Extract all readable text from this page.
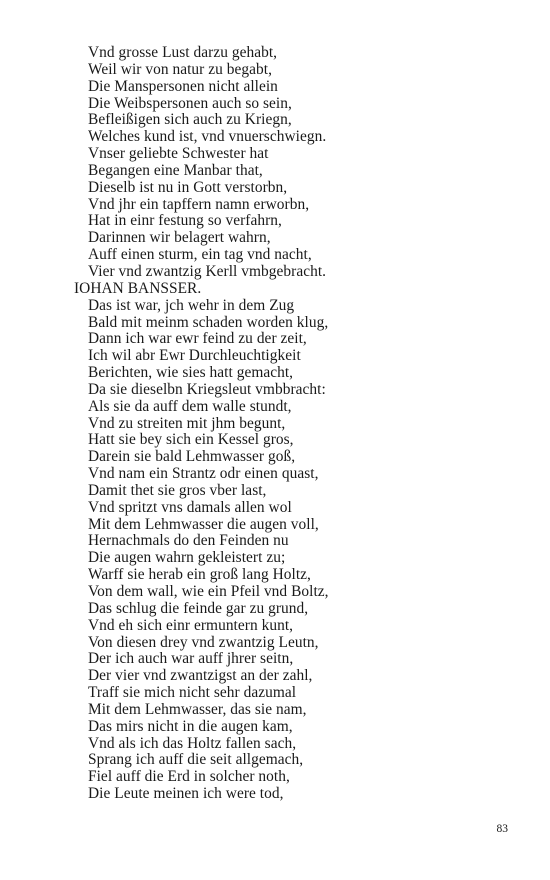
Vnd grosse Lust darzu gehabt,
Weil wir von natur zu begabt,
Die Manspersonen nicht allein
Die Weibspersonen auch so sein,
Befleißigen sich auch zu Kriegn,
Welches kund ist, vnd vnuerschwiegn.
Vnser geliebte Schwester hat
Begangen eine Manbar that,
Dieselb ist nu in Gott verstorbn,
Vnd jhr ein tapffern namn erworbn,
Hat in einr festung so verfahrn,
Darinnen wir belagert wahrn,
Auff einen sturm, ein tag vnd nacht,
Vier vnd zwantzig Kerll vmbgebracht.
IOHAN BANSSER.
Das ist war, jch wehr in dem Zug
Bald mit meinm schaden worden klug,
Dann ich war ewr feind zu der zeit,
Ich wil abr Ewr Durchleuchtigkeit
Berichten, wie sies hatt gemacht,
Da sie dieselbn Kriegsleut vmbbracht:
Als sie da auff dem walle stundt,
Vnd zu streiten mit jhm begunt,
Hatt sie bey sich ein Kessel gros,
Darein sie bald Lehmwasser goß,
Vnd nam ein Strantz odr einen quast,
Damit thet sie gros vber last,
Vnd spritzt vns damals allen wol
Mit dem Lehmwasser die augen voll,
Hernachmals do den Feinden nu
Die augen wahrn gekleistert zu;
Warff sie herab ein groß lang Holtz,
Von dem wall, wie ein Pfeil vnd Boltz,
Das schlug die feinde gar zu grund,
Vnd eh sich einr ermuntern kunt,
Von diesen drey vnd zwantzig Leutn,
Der ich auch war auff jhrer seitn,
Der vier vnd zwantzigst an der zahl,
Traff sie mich nicht sehr dazumal
Mit dem Lehmwasser, das sie nam,
Das mirs nicht in die augen kam,
Vnd als ich das Holtz fallen sach,
Sprang ich auff die seit allgemach,
Fiel auff die Erd in solcher noth,
Die Leute meinen ich were tod,
83
